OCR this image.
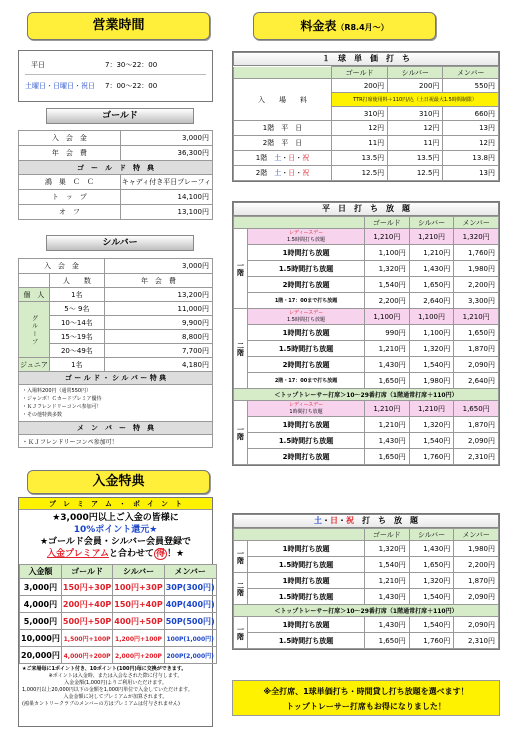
営業時間
平日	7：30～22：00
土曜日・日曜日・祝日	7：00～22：00
ゴールド
入　会　金	3,000円
年　会　費	36,300円
ゴ　ー　ル　ド　特　典	
鴻　巣　Ｃ　Ｃ	キャディ付き平日プレーフィ
ト　ッ　プ	14,100円
オ　フ	13,100円
シルバー
入　会　金		3,000円
	人　　数	年　会　費
個　人	1名	13,200円
グ ル ー プ	5～ 9名	11,000円
	10～14名	9,900円
	15～19名	8,800円
	20～49名	7,700円
ジュニア	1名	4,180円
ゴ ー ル ド ・ シ ル バ ー 特 典		

・入場料200円（通常550円）
・ジャンボ！Ｃカードプレミア優待
・ＫＪフレンドリーコンペ参加可！
・その他特典多数		

メ　ン　バ　ー　特　典		
・ＫＪフレンドリーコンペ参加可！		
入金特典
プ　レ　ミ　ア　ム　・　ポ　イ　ン　ト
★3,000円以上ご入金の皆様に
10%ポイント還元★
★ゴールド会員・シルバー会員登録で
入金プレミアムと合わせて 得 ！★
入金額	ゴールド	シルバー	メンバー
3,000円	150円+30P	100円+30P	30P(300円)
4,000円	200円+40P	150円+40P	40P(400円)
5,000円	500円+50P	400円+50P	50P(500円)
10,000円	1,500円+100P	1,200円+100P	100P(1,000円)
20,000円	4,000円+200P	2,000円+200P	200P(2,000円)
★ご来場毎に1ポイント付き、10ポイント(100円)毎に交換ができます。
※ポイントは入金時、または入会なされた際に付与します。
入金金額(1,000円)よりご利用いただけます。
1,000円以上20,000円以下の金額を1,000円単位で入金していただけます。
入金金額に対してプレミアムが加算されます。
(鴻巣カントリークラブのメンバーの方はプレミアムは付与されません)
料金表（R8.4月～）
１　球　単　価　打　ち
	ゴールド	シルバー	メンバー
入　　場　　料	200円	200円	550円
	TTR打席使用料＋110円/込（土日祝最大1.5時間制限）		
	310円	310円	660円
1階　平　日	12円	12円	13円
2階　平　日	11円	11円	12円
1階　 土・日・祝	13.5円	13.5円	13.8円
2階　 土・日・祝	12.5円	12.5円	13円
平　日　打　ち　放　題
		ゴールド	シルバー	メンバー
一階	レディースデー
1.5時間打ち放題	1,210円	1,210円	1,320円
	1時間打ち放題	1,100円	1,210円	1,760円
	1.5時間打ち放題	1,320円	1,430円	1,980円
	2時間打ち放題	1,540円	1,650円	2,200円
	1階・17：00まで打ち放題	2,200円	2,640円	3,300円
二階	レディースデー
1.5時間打ち放題	1,100円	1,100円	1,210円
	1時間打ち放題	990円	1,100円	1,650円
	1.5時間打ち放題	1,210円	1,320円	1,870円
	2時間打ち放題	1,430円	1,540円	2,090円
	2階・17：00まで打ち放題	1,650円	1,980円	2,640円
＜トップトレーサー打席＞10～29番打席（1階通常打席＋110円）				
一階	レディースデー
1時間打ち放題	1,210円	1,210円	1,650円
	1時間打ち放題	1,210円	1,320円	1,870円
	1.5時間打ち放題	1,430円	1,540円	2,090円
	2時間打ち放題	1,650円	1,760円	2,310円
土・日・祝　 打　ち　放　題
		ゴールド	シルバー	メンバー
一階	1時間打ち放題	1,320円	1,430円	1,980円
	1.5時間打ち放題	1,540円	1,650円	2,200円
二階	1時間打ち放題	1,210円	1,320円	1,870円
	1.5時間打ち放題	1,430円	1,540円	2,090円
＜トップトレーサー打席＞10～29番打席（1階通常打席＋110円）				
一階	1時間打ち放題	1,430円	1,540円	2,090円
	1.5時間打ち放題	1,650円	1,760円	2,310円
※全打席、1球単価打ち・時間貸し打ち放題を選べます！
トップトレーサー打席もお得になりました！
